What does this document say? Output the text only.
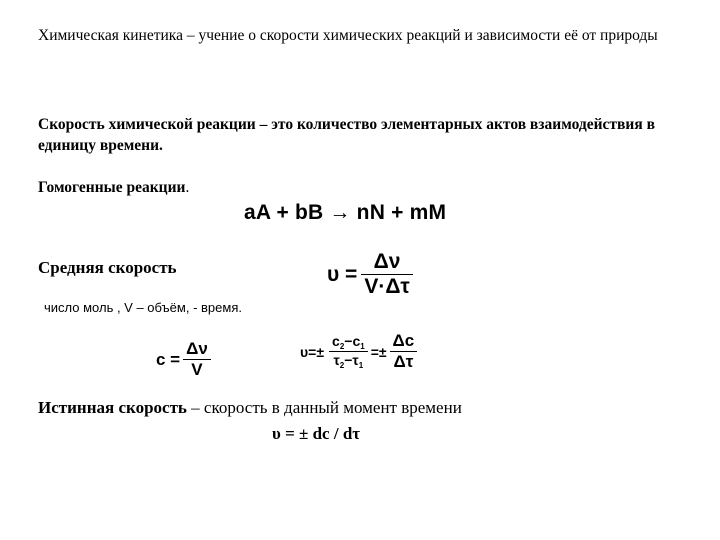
Химическая кинетика – учение о скорости химических реакций и зависимости её от природы
Скорость химической реакции – это количество элементарных актов взаимодействия в единицу времени.
Гомогенные реакции.
aA + bB → nN + mM
Средняя скорость	$\upsilon = \frac{\Delta\nu}{V\cdot\Delta\tau}$
число моль , V – объём, - время.
$c = \frac{\Delta\nu}{V}$	$\upsilon=\pm \frac{c_2-c_1}{\tau_2-\tau_1} =\pm \frac{\Delta c}{\Delta\tau}$
Истинная скорость – скорость в данный момент времени
υ = ± dc / dτ
